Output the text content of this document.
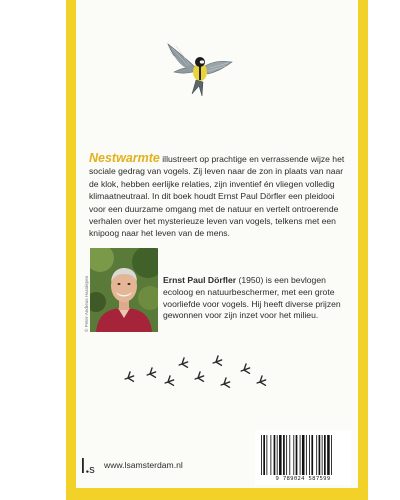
Nestwarmte illustreert op prachtige en verrassende wijze het sociale gedrag van vogels. Zij leven naar de zon in plaats van naar de klok, hebben eerlijke relaties, zijn inventief én vliegen volledig klimaatneutraal. In dit boek houdt Ernst Paul Dörfler een pleidooi voor een duurzame omgang met de natuur en vertelt ontroerende verhalen over het mysterieuze leven van vogels, telkens met een knipoog naar het leven van de mens.
© Peter-Andreas Hassiepen	Ernst Paul Dörfler (1950) is een bevlogen ecoloog en natuurbeschermer, met een grote voorliefde voor vogels. Hij heeft diverse prijzen gewonnen voor zijn inzet voor het milieu.
s www.lsamsterdam.nl
9 789024 587599
